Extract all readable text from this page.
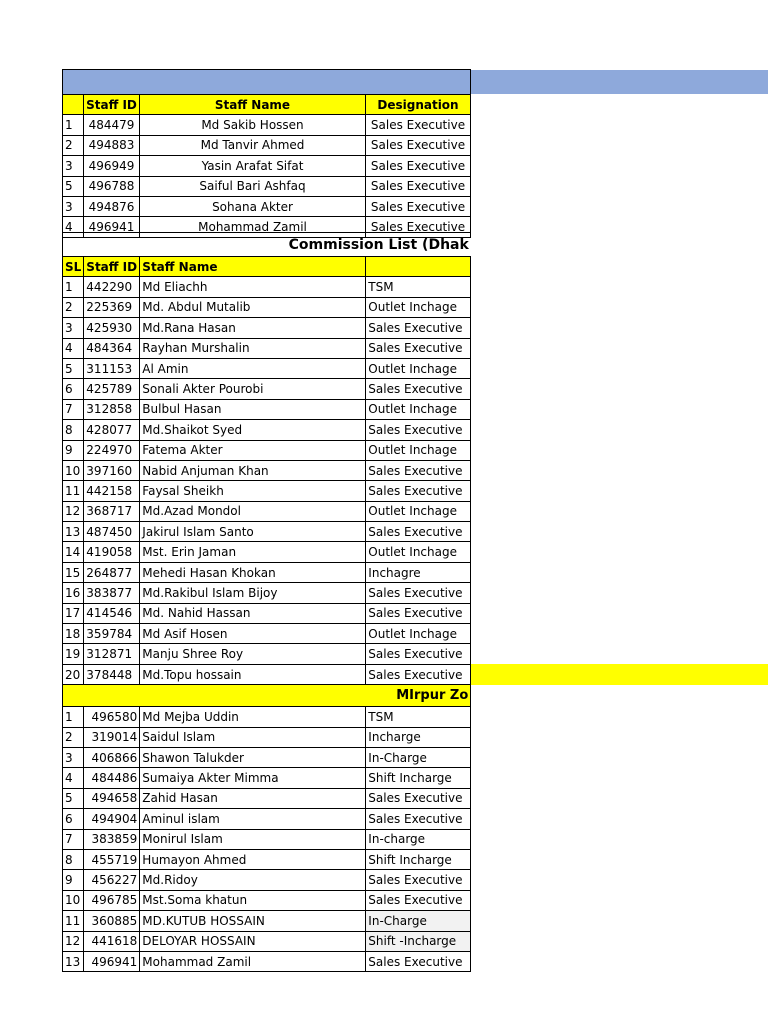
	Staff ID	Staff Name	Designation
1	484479	Md Sakib Hossen	Sales Executive
2	494883	Md Tanvir Ahmed	Sales Executive
3	496949	Yasin Arafat Sifat	Sales Executive
5	496788	Saiful Bari Ashfaq	Sales Executive
3	494876	Sohana Akter	Sales Executive
4	496941	Mohammad Zamil	Sales Executive
Commission List (Dhak			
SL	Staff ID	Staff Name	
1	442290	Md Eliachh	TSM
2	225369	Md. Abdul Mutalib	Outlet Inchage
3	425930	Md.Rana Hasan	Sales Executive
4	484364	Rayhan Murshalin	Sales Executive
5	311153	Al Amin	Outlet Inchage
6	425789	Sonali Akter Pourobi	Sales Executive
7	312858	Bulbul Hasan	Outlet Inchage
8	428077	Md.Shaikot Syed	Sales Executive
9	224970	Fatema Akter	Outlet Inchage
10	397160	Nabid Anjuman Khan	Sales Executive
11	442158	Faysal Sheikh	Sales Executive
12	368717	Md.Azad Mondol	Outlet Inchage
13	487450	Jakirul Islam Santo	Sales Executive
14	419058	Mst. Erin Jaman	Outlet Inchage
15	264877	Mehedi Hasan Khokan	Inchagre
16	383877	Md.Rakibul Islam Bijoy	Sales Executive
17	414546	Md. Nahid Hassan	Sales Executive
18	359784	Md Asif Hosen	Outlet Inchage
19	312871	Manju Shree Roy	Sales Executive
20	378448	Md.Topu hossain	Sales Executive
MIrpur Zo			
1	496580	Md Mejba Uddin	TSM
2	319014	Saidul Islam	Incharge
3	406866	Shawon Talukder	In-Charge
4	484486	Sumaiya Akter Mimma	Shift Incharge
5	494658	Zahid Hasan	Sales Executive
6	494904	Aminul islam	Sales Executive
7	383859	Monirul Islam	In-charge
8	455719	Humayon Ahmed	Shift Incharge
9	456227	Md.Ridoy	Sales Executive
10	496785	Mst.Soma khatun	Sales Executive
11	360885	MD.KUTUB HOSSAIN	In-Charge
12	441618	DELOYAR HOSSAIN	Shift -Incharge
13	496941	Mohammad Zamil	Sales Executive
